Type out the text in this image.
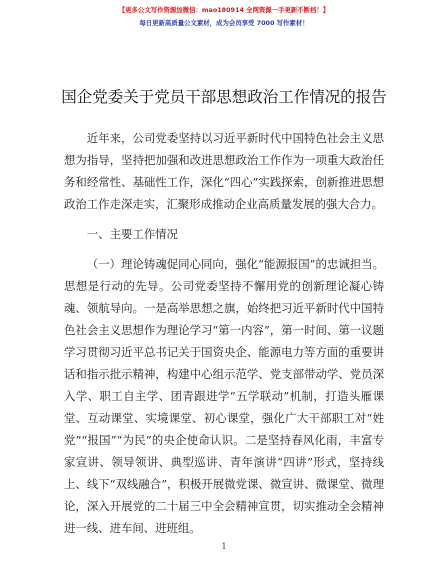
【更多公文写作资源加微信：mao180914 全网资源一手更新不断档！】
每日更新高质量公文素材，成为会员享受 7000 写作素材！
国企党委关于党员干部思想政治工作情况的报告

近年来，公司党委坚持以习近平新时代中国特色社会主义思想为指导，坚持把加强和改进思想政治工作作为一项重大政治任务和经常性、基础性工作，深化“四心”实践探索，创新推进思想政治工作走深走实，汇聚形成推动企业高质量发展的强大合力。

一、主要工作情况

（一）理论铸魂促同心同向，强化“能源报国”的忠诚担当。思想是行动的先导。公司党委坚持不懈用党的创新理论凝心铸魂、领航导向。一是高举思想之旗，始终把习近平新时代中国特色社会主义思想作为理论学习“第一内容”，第一时间、第一议题学习贯彻习近平总书记关于国资央企、能源电力等方面的重要讲话和指示批示精神，构建中心组示范学、党支部带动学、党员深入学、职工自主学、团青跟进学“五学联动”机制，打造头雁课堂、互动课堂、实境课堂、初心课堂，强化广大干部职工对“姓党”“报国”“为民”的央企使命认识。二是坚持春风化雨，丰富专家宣讲、领导领讲、典型巡讲、青年演讲“四讲”形式，坚持线上、线下“双线融合”，积极开展微党课、微宣讲、微课堂、微理论，深入开展党的二十届三中全会精神宣贯，切实推动全会精神进一线、进车间、进班组。

1
